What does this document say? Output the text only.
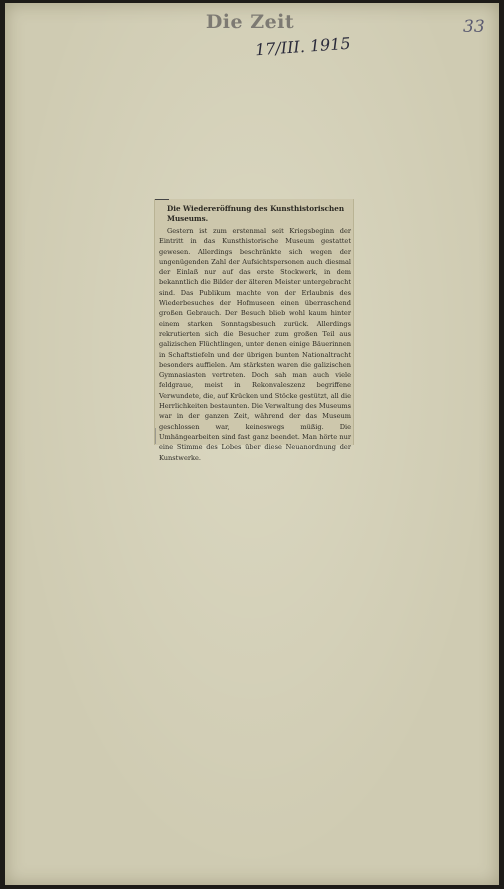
Die Zeit
17/III. 1915
33
Die Wiedereröffnung des Kunsthistorischen Museums.

Gestern ist zum erstenmal seit Kriegsbeginn der Eintritt in das Kunsthistorische Museum gestattet gewesen. Allerdings beschränkte sich wegen der ungenügenden Zahl der Aufsichtspersonen auch diesmal der Einlaß nur auf das erste Stockwerk, in dem bekanntlich die Bilder der älteren Meister untergebracht sind. Das Publikum machte von der Erlaubnis des Wiederbesuches der Hofmuseen einen überraschend großen Gebrauch. Der Besuch blieb wohl kaum hinter einem starken Sonntagsbesuch zurück. Allerdings rekrutierten sich die Besucher zum großen Teil aus galizischen Flüchtlingen, unter denen einige Bäuerinnen in Schaftstiefeln und der übrigen bunten Nationaltracht besonders auffielen. Am stärksten waren die galizischen Gymnasiasten vertreten. Doch sah man auch viele feldgraue, meist in Rekonvaleszenz begriffene Verwundete, die, auf Krücken und Stöcke gestützt, all die Herrlichkeiten bestaunten. Die Verwaltung des Museums war in der ganzen Zeit, während der das Museum geschlossen war, keineswegs müßig. Die Umhängearbeiten sind fast ganz beendet. Man hörte nur eine Stimme des Lobes über diese Neuanordnung der Kunstwerke.
